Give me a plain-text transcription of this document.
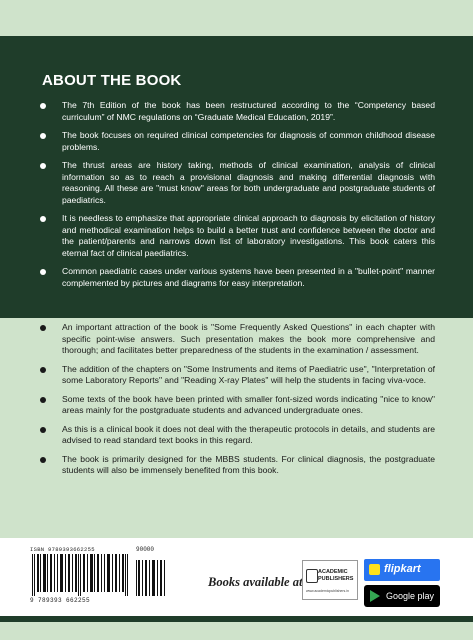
ABOUT THE BOOK
The 7th Edition of the book has been restructured according to the “Competency based curriculum” of NMC regulations on “Graduate Medical Education, 2019”.
The book focuses on required clinical competencies for diagnosis of common childhood disease problems.
The thrust areas are history taking, methods of clinical examination, analysis of clinical information so as to reach a provisional diagnosis and making differential diagnosis with reasoning. All these are "must know" areas for both undergraduate and postgraduate students of paediatrics.
It is needless to emphasize that appropriate clinical approach to diagnosis by elicitation of history and methodical examination helps to build a better trust and confidence between the doctor and the patient/parents and narrows down list of laboratory investigations. This book caters this eternal fact of clinical paediatrics.
Common paediatric cases under various systems have been presented in a "bullet-point" manner complemented by pictures and diagrams for easy interpretation.
An important attraction of the book is "Some Frequently Asked Questions" in each chapter with specific point-wise answers. Such presentation makes the book more comprehensive and thorough; and facilitates better preparedness of the students in the examination / assessment.
The addition of the chapters on "Some Instruments and items of Paediatric use", "Interpretation of some Laboratory Reports" and "Reading X-ray Plates" will help the students in facing viva-voce.
Some texts of the book have been printed with smaller font-sized words indicating "nice to know" areas mainly for the postgraduate students and advanced undergraduate ones.
As this is a clinical book it does not deal with the therapeutic protocols in details, and students are advised to read standard text books in this regard.
The book is primarily designed for the MBBS students. For clinical diagnosis, the postgraduate students will also be immensely benefited from this book.
ISBN 9789393662255	90000
9 789393 662255
Books available at
ACADEMIC
PUBLISHERS
www.academicpublishers.in
flipkart
Google play
